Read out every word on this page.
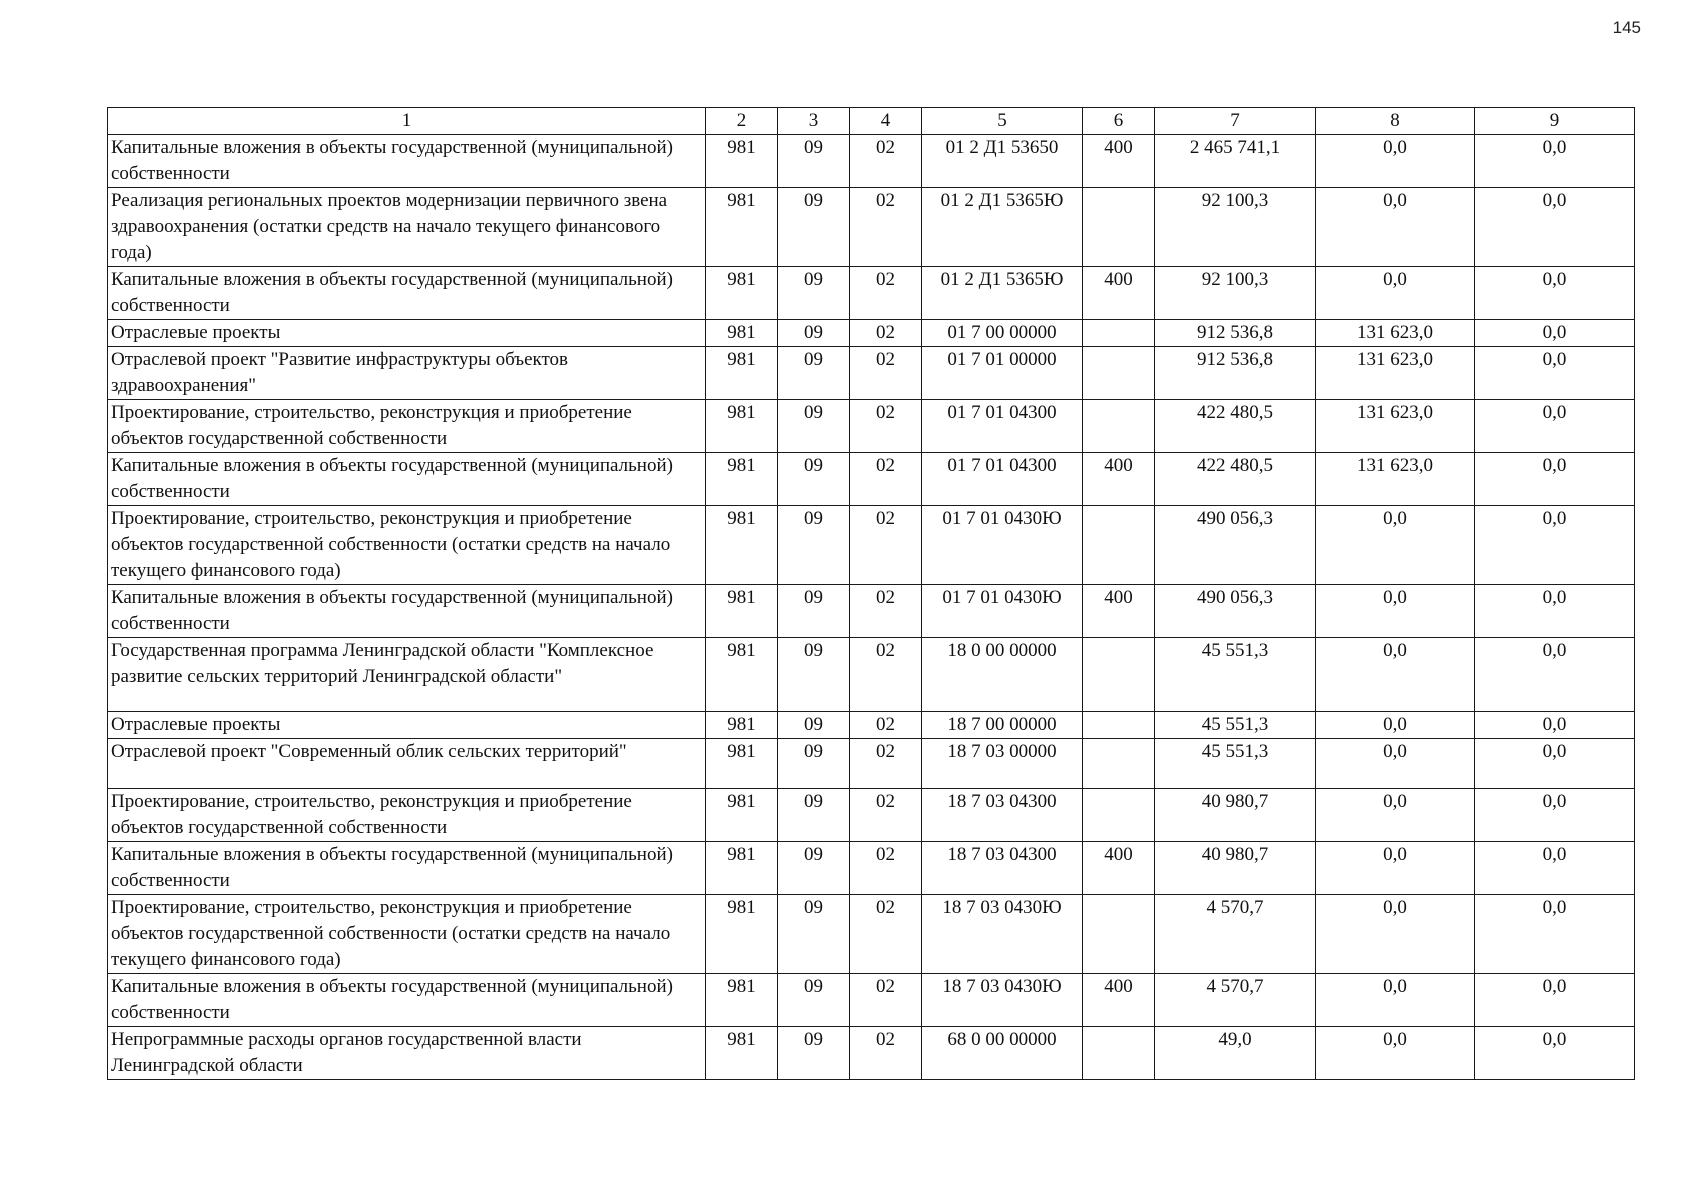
145
1	2	3	4	5	6	7	8	9
Капитальные вложения в объекты государственной (муниципальной) собственности	981	09	02	01 2 Д1 53650	400	2 465 741,1	0,0	0,0
Реализация региональных проектов модернизации первичного звена здравоохранения (остатки средств на начало текущего финансового года)	981	09	02	01 2 Д1 5365Ю		92 100,3	0,0	0,0
Капитальные вложения в объекты государственной (муниципальной) собственности	981	09	02	01 2 Д1 5365Ю	400	92 100,3	0,0	0,0
Отраслевые проекты	981	09	02	01 7 00 00000		912 536,8	131 623,0	0,0
Отраслевой проект "Развитие инфраструктуры объектов здравоохранения"	981	09	02	01 7 01 00000		912 536,8	131 623,0	0,0
Проектирование, строительство, реконструкция и приобретение объектов государственной собственности	981	09	02	01 7 01 04300		422 480,5	131 623,0	0,0
Капитальные вложения в объекты государственной (муниципальной) собственности	981	09	02	01 7 01 04300	400	422 480,5	131 623,0	0,0
Проектирование, строительство, реконструкция и приобретение объектов государственной собственности (остатки средств на начало текущего финансового года)	981	09	02	01 7 01 0430Ю		490 056,3	0,0	0,0
Капитальные вложения в объекты государственной (муниципальной) собственности	981	09	02	01 7 01 0430Ю	400	490 056,3	0,0	0,0
Государственная программа Ленинградской области "Комплексное развитие сельских территорий Ленинградской области"	981	09	02	18 0 00 00000		45 551,3	0,0	0,0
Отраслевые проекты	981	09	02	18 7 00 00000		45 551,3	0,0	0,0
Отраслевой проект "Современный облик сельских территорий"	981	09	02	18 7 03 00000		45 551,3	0,0	0,0
Проектирование, строительство, реконструкция и приобретение объектов государственной собственности	981	09	02	18 7 03 04300		40 980,7	0,0	0,0
Капитальные вложения в объекты государственной (муниципальной) собственности	981	09	02	18 7 03 04300	400	40 980,7	0,0	0,0
Проектирование, строительство, реконструкция и приобретение объектов государственной собственности (остатки средств на начало текущего финансового года)	981	09	02	18 7 03 0430Ю		4 570,7	0,0	0,0
Капитальные вложения в объекты государственной (муниципальной) собственности	981	09	02	18 7 03 0430Ю	400	4 570,7	0,0	0,0
Непрограммные расходы органов государственной власти Ленинградской области	981	09	02	68 0 00 00000		49,0	0,0	0,0
